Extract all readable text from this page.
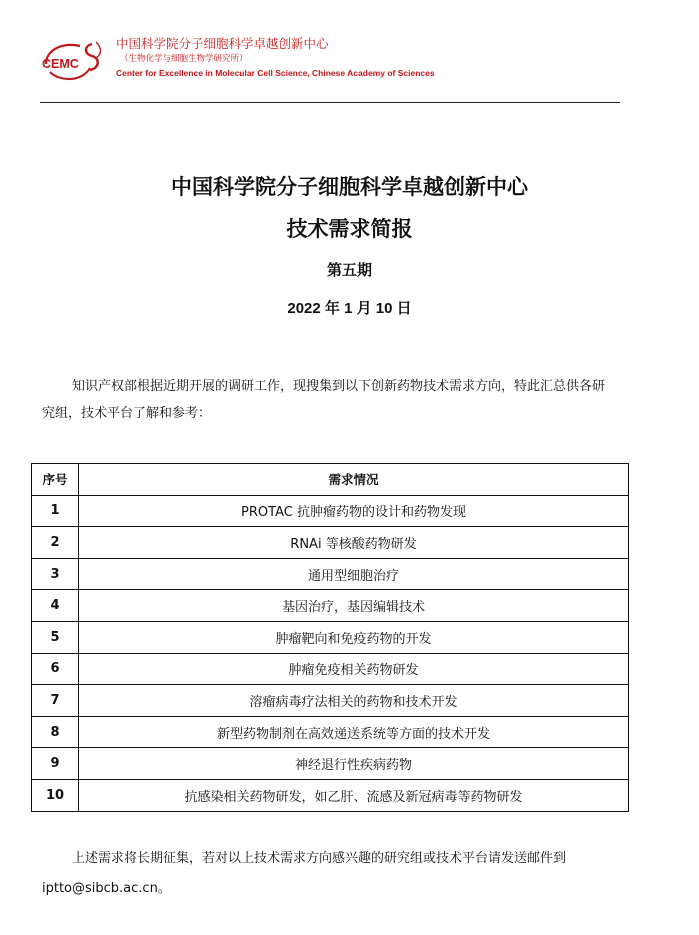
CEMC
中国科学院分子细胞科学卓越创新中心
（生物化学与细胞生物学研究所）
Center for Excellence in Molecular Cell Science, Chinese Academy of Sciences
中国科学院分子细胞科学卓越创新中心
技术需求简报
第五期
2022 年 1 月 10 日
知识产权部根据近期开展的调研工作，现搜集到以下创新药物技术需求方向，特此汇总供各研究组，技术平台了解和参考：
序号	需求情况
1	PROTAC 抗肿瘤药物的设计和药物发现
2	RNAi 等核酸药物研发
3	通用型细胞治疗
4	基因治疗，基因编辑技术
5	肿瘤靶向和免疫药物的开发
6	肿瘤免疫相关药物研发
7	溶瘤病毒疗法相关的药物和技术开发
8	新型药物制剂在高效递送系统等方面的技术开发
9	神经退行性疾病药物
10	抗感染相关药物研发，如乙肝、流感及新冠病毒等药物研发
上述需求将长期征集，若对以上技术需求方向感兴趣的研究组或技术平台请发送邮件到 iptto@sibcb.ac.cn。
